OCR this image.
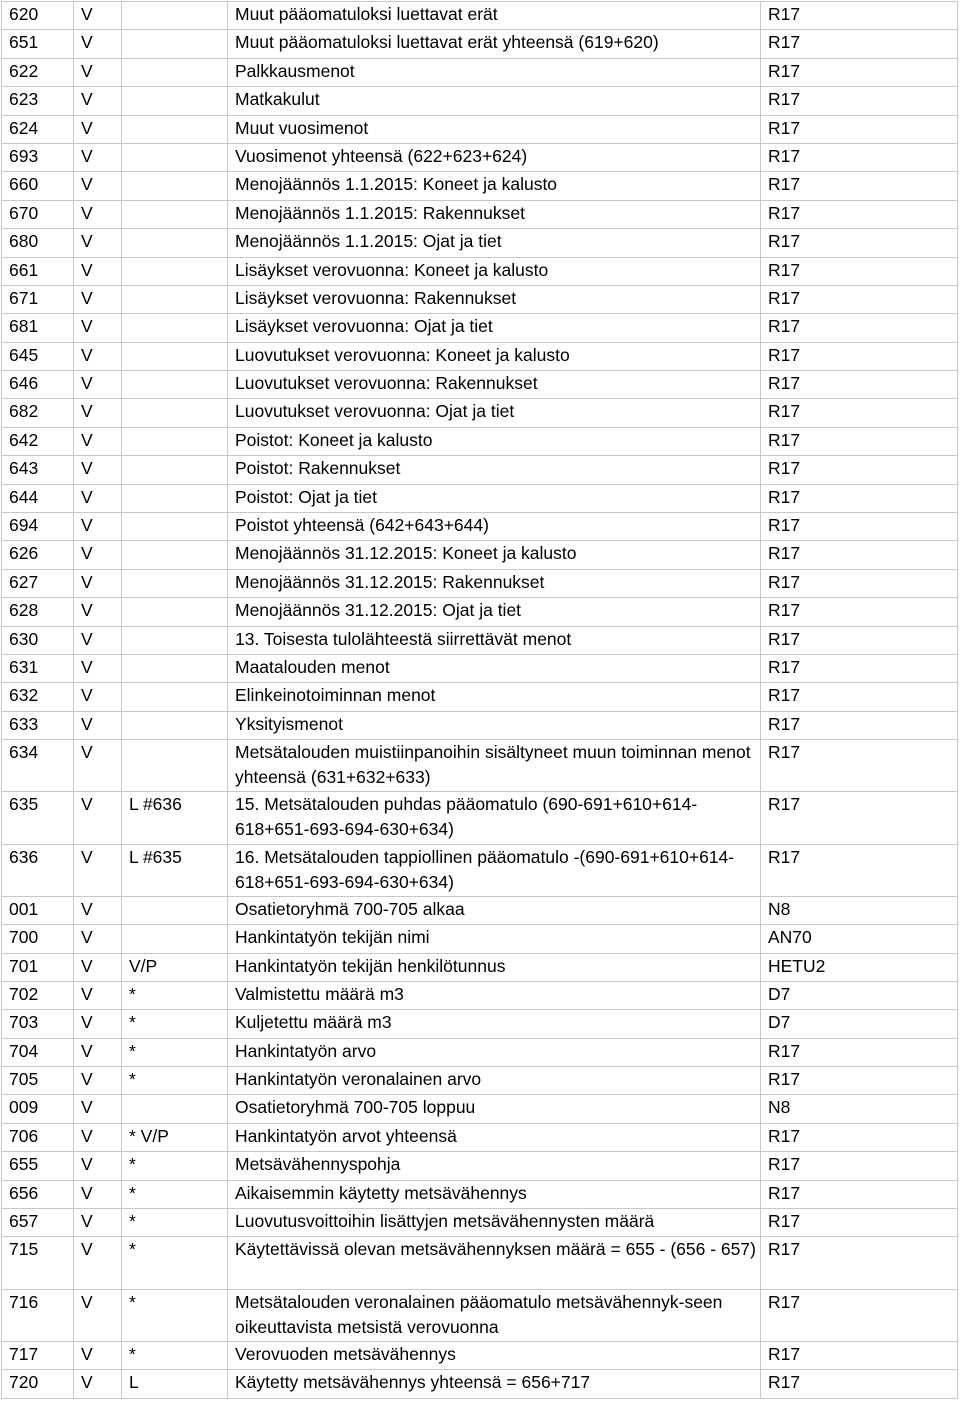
620	V		Muut pääomatuloksi luettavat erät	R17
651	V		Muut pääomatuloksi luettavat erät yhteensä (619+620)	R17
622	V		Palkkausmenot	R17
623	V		Matkakulut	R17
624	V		Muut vuosimenot	R17
693	V		Vuosimenot yhteensä (622+623+624)	R17
660	V		Menojäännös 1.1.2015: Koneet ja kalusto	R17
670	V		Menojäännös 1.1.2015: Rakennukset	R17
680	V		Menojäännös 1.1.2015: Ojat ja tiet	R17
661	V		Lisäykset verovuonna: Koneet ja kalusto	R17
671	V		Lisäykset verovuonna: Rakennukset	R17
681	V		Lisäykset verovuonna: Ojat ja tiet	R17
645	V		Luovutukset verovuonna: Koneet ja kalusto	R17
646	V		Luovutukset verovuonna: Rakennukset	R17
682	V		Luovutukset verovuonna: Ojat ja tiet	R17
642	V		Poistot: Koneet ja kalusto	R17
643	V		Poistot: Rakennukset	R17
644	V		Poistot: Ojat ja tiet	R17
694	V		Poistot yhteensä (642+643+644)	R17
626	V		Menojäännös 31.12.2015: Koneet ja kalusto	R17
627	V		Menojäännös 31.12.2015: Rakennukset	R17
628	V		Menojäännös 31.12.2015: Ojat ja tiet	R17
630	V		13. Toisesta tulolähteestä siirrettävät menot	R17
631	V		Maatalouden menot	R17
632	V		Elinkeinotoiminnan menot	R17
633	V		Yksityismenot	R17
634	V		Metsätalouden muistiinpanoihin sisältyneet muun toiminnan menot yhteensä (631+632+633)	R17
635	V	L #636	15. Metsätalouden puhdas pääomatulo (690-691+610+614-618+651-693-694-630+634)	R17
636	V	L #635	16. Metsätalouden tappiollinen pääomatulo -(690-691+610+614-618+651-693-694-630+634)	R17
001	V		Osatietoryhmä 700-705 alkaa	N8
700	V		Hankintatyön tekijän nimi	AN70
701	V	V/P	Hankintatyön tekijän henkilötunnus	HETU2
702	V	*	Valmistettu määrä m3	D7
703	V	*	Kuljetettu määrä m3	D7
704	V	*	Hankintatyön arvo	R17
705	V	*	Hankintatyön veronalainen arvo	R17
009	V		Osatietoryhmä 700-705 loppuu	N8
706	V	* V/P	Hankintatyön arvot yhteensä	R17
655	V	*	Metsävähennyspohja	R17
656	V	*	Aikaisemmin käytetty metsävähennys	R17
657	V	*	Luovutusvoittoihin lisättyjen metsävähennysten määrä	R17
715	V	*	Käytettävissä olevan metsävähennyksen määrä = 655 - (656 - 657)	R17
716	V	*	Metsätalouden veronalainen pääomatulo metsävähennyk-seen oikeuttavista metsistä verovuonna	R17
717	V	*	Verovuoden metsävähennys	R17
720	V	L	Käytetty metsävähennys yhteensä = 656+717	R17
